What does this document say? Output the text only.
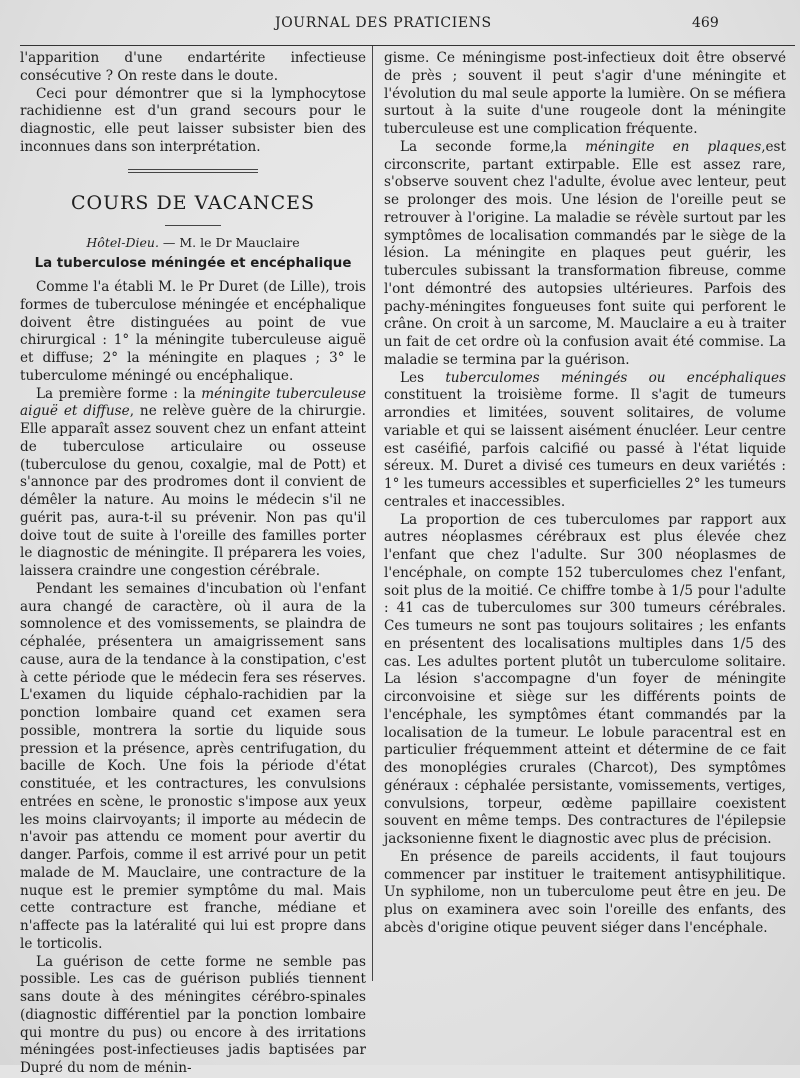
JOURNAL DES PRATICIENS	469

l'apparition d'une endartérite infectieuse consécutive ? On reste dans le doute.

Ceci pour démontrer que si la lymphocytose rachidienne est d'un grand secours pour le diagnostic, elle peut laisser subsister bien des inconnues dans son interprétation.

COURS DE VACANCES
Hôtel-Dieu. — M. le Dr Mauclaire
La tuberculose méningée et encéphalique

Comme l'a établi M. le Pr Duret (de Lille), trois formes de tuberculose méningée et encéphalique doivent être distinguées au point de vue chirurgical : 1° la méningite tuberculeuse aiguë et diffuse; 2° la méningite en plaques ; 3° le tuberculome méningé ou encéphalique.

La première forme : la méningite tuberculeuse aiguë et diffuse, ne relève guère de la chirurgie. Elle apparaît assez souvent chez un enfant atteint de tuberculose articulaire ou osseuse (tuberculose du genou, coxalgie, mal de Pott) et s'annonce par des prodromes dont il convient de démêler la nature. Au moins le médecin s'il ne guérit pas, aura-t-il su prévenir. Non pas qu'il doive tout de suite à l'oreille des familles porter le diagnostic de méningite. Il préparera les voies, laissera craindre une congestion cérébrale.

Pendant les semaines d'incubation où l'enfant aura changé de caractère, où il aura de la somnolence et des vomissements, se plaindra de céphalée, présentera un amaigrissement sans cause, aura de la tendance à la constipation, c'est à cette période que le médecin fera ses réserves. L'examen du liquide céphalo-rachidien par la ponction lombaire quand cet examen sera possible, montrera la sortie du liquide sous pression et la présence, après centrifugation, du bacille de Koch. Une fois la période d'état constituée, et les contractures, les convulsions entrées en scène, le pronostic s'impose aux yeux les moins clairvoyants; il importe au médecin de n'avoir pas attendu ce moment pour avertir du danger. Parfois, comme il est arrivé pour un petit malade de M. Mauclaire, une contracture de la nuque est le premier symptôme du mal. Mais cette contracture est franche, médiane et n'affecte pas la latéralité qui lui est propre dans le torticolis.

La guérison de cette forme ne semble pas possible. Les cas de guérison publiés tiennent sans doute à des méningites cérébro-spinales (diagnostic différentiel par la ponction lombaire qui montre du pus) ou encore à des irritations méningées post-infectieuses jadis baptisées par Dupré du nom de ménin-

gisme. Ce méningisme post-infectieux doit être observé de près ; souvent il peut s'agir d'une méningite et l'évolution du mal seule apporte la lumière. On se méfiera surtout à la suite d'une rougeole dont la méningite tuberculeuse est une complication fréquente.

La seconde forme,la méningite en plaques,est circonscrite, partant extirpable. Elle est assez rare, s'observe souvent chez l'adulte, évolue avec lenteur, peut se prolonger des mois. Une lésion de l'oreille peut se retrouver à l'origine. La maladie se révèle surtout par les symptômes de localisation commandés par le siège de la lésion. La méningite en plaques peut guérir, les tubercules subissant la transformation fibreuse, comme l'ont démontré des autopsies ultérieures. Parfois des pachy-méningites fongueuses font suite qui perforent le crâne. On croit à un sarcome, M. Mauclaire a eu à traiter un fait de cet ordre où la confusion avait été commise. La maladie se termina par la guérison.

Les tuberculomes méningés ou encéphaliques constituent la troisième forme. Il s'agit de tumeurs arrondies et limitées, souvent solitaires, de volume variable et qui se laissent aisément énucléer. Leur centre est caséifié, parfois calcifié ou passé à l'état liquide séreux. M. Duret a divisé ces tumeurs en deux variétés : 1° les tumeurs accessibles et superficielles 2° les tumeurs centrales et inaccessibles.

La proportion de ces tuberculomes par rapport aux autres néoplasmes cérébraux est plus élevée chez l'enfant que chez l'adulte. Sur 300 néoplasmes de l'encéphale, on compte 152 tuberculomes chez l'enfant, soit plus de la moitié. Ce chiffre tombe à 1/5 pour l'adulte : 41 cas de tuberculomes sur 300 tumeurs cérébrales. Ces tumeurs ne sont pas toujours solitaires ; les enfants en présentent des localisations multiples dans 1/5 des cas. Les adultes portent plutôt un tuberculome solitaire. La lésion s'accompagne d'un foyer de méningite circonvoisine et siège sur les différents points de l'encéphale, les symptômes étant commandés par la localisation de la tumeur. Le lobule paracentral est en particulier fréquemment atteint et détermine de ce fait des monoplégies crurales (Charcot), Des symptômes généraux : céphalée persistante, vomissements, vertiges, convulsions, torpeur, œdème papillaire coexistent souvent en même temps. Des contractures de l'épilepsie jacksonienne fixent le diagnostic avec plus de précision.

En présence de pareils accidents, il faut toujours commencer par instituer le traitement antisyphilitique. Un syphilome, non un tuberculome peut être en jeu. De plus on examinera avec soin l'oreille des enfants, des abcès d'origine otique peuvent siéger dans l'encéphale.
